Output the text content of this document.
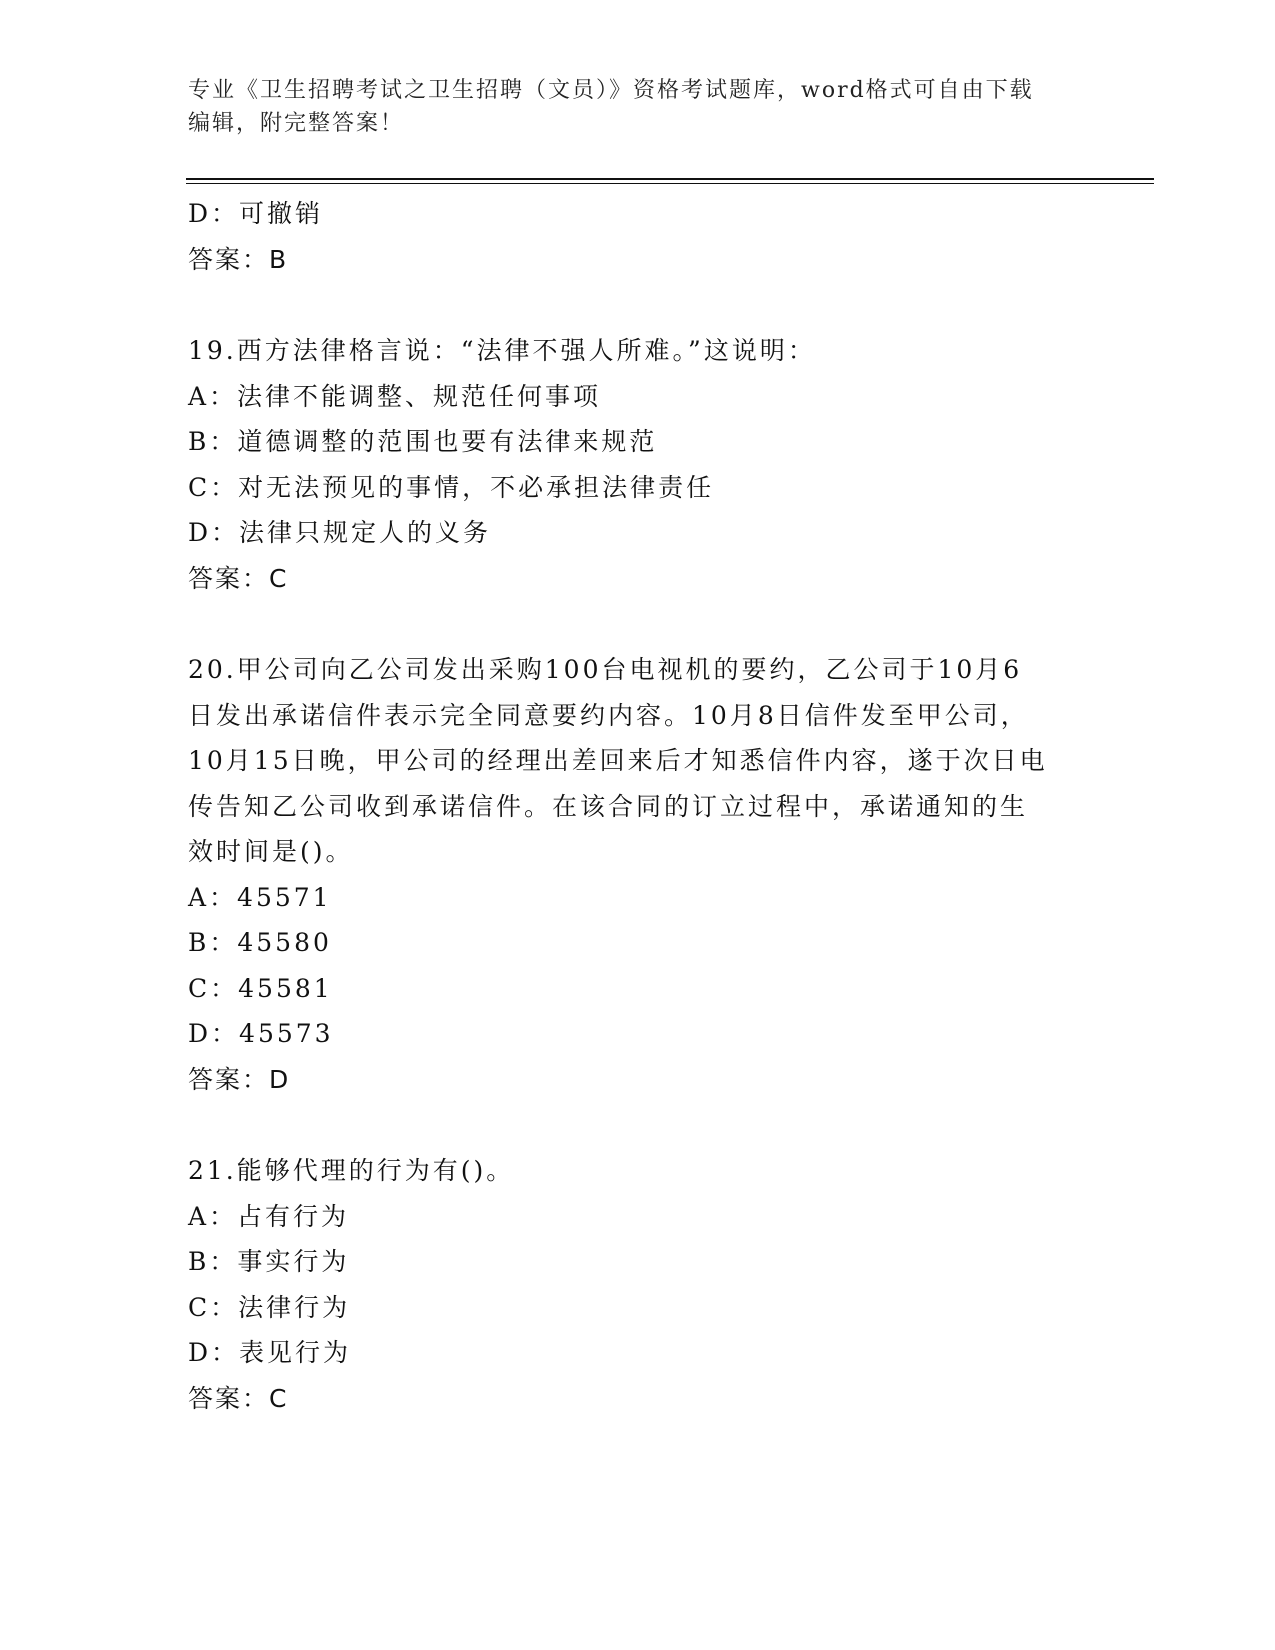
专业《卫生招聘考试之卫生招聘（文员）》资格考试题库，word格式可自由下载
编辑，附完整答案！
D：可撤销
答案：B
19.西方法律格言说：“法律不强人所难。”这说明：
A：法律不能调整、规范任何事项
B：道德调整的范围也要有法律来规范
C：对无法预见的事情，不必承担法律责任
D：法律只规定人的义务
答案：C
20.甲公司向乙公司发出采购100台电视机的要约，乙公司于10月6
日发出承诺信件表示完全同意要约内容。10月8日信件发至甲公司，
10月15日晚，甲公司的经理出差回来后才知悉信件内容，遂于次日电
传告知乙公司收到承诺信件。在该合同的订立过程中，承诺通知的生
效时间是()。
A：45571
B：45580
C：45581
D：45573
答案：D
21.能够代理的行为有()。
A：占有行为
B：事实行为
C：法律行为
D：表见行为
答案：C
